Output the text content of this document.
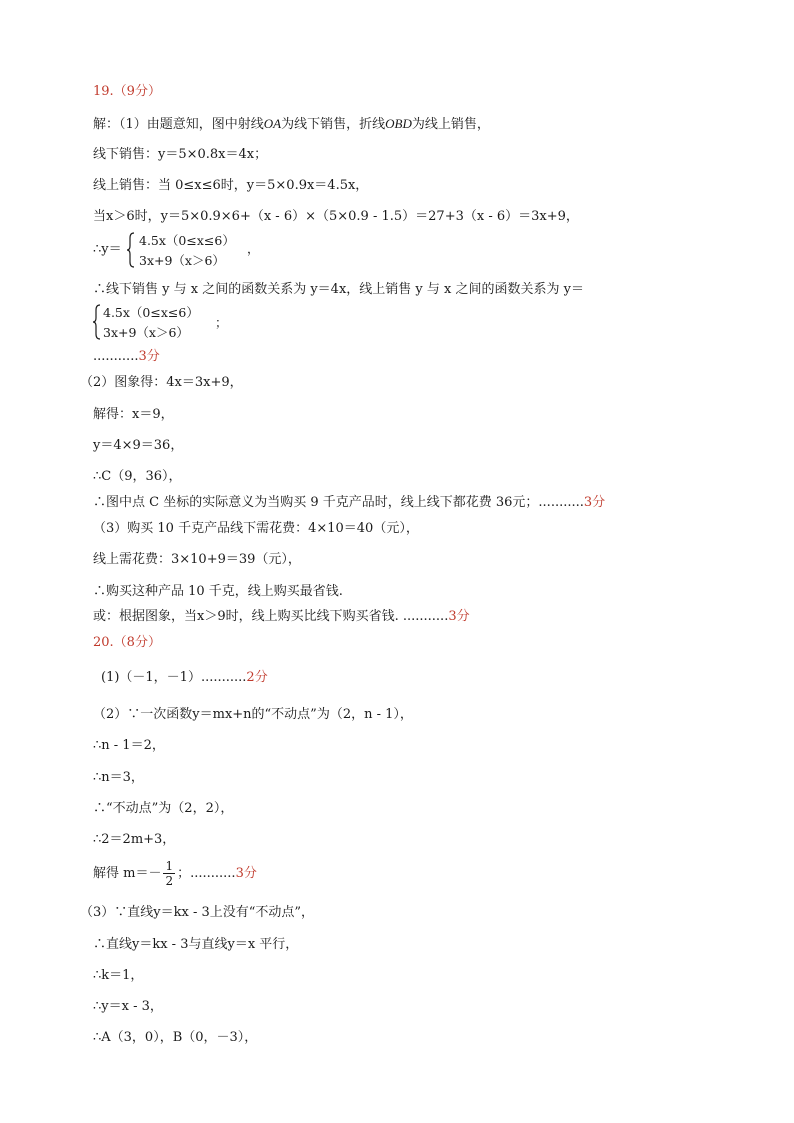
19.（9分）
解：（1）由题意知，图中射线OA为线下销售，折线OBD为线上销售，
线下销售：y＝5×0.8x＝4x；
线上销售：当 0≤x≤6时，y＝5×0.9x＝4.5x，
当x＞6时，y＝5×0.9×6+（x - 6）×（5×0.9 - 1.5）＝27+3（x - 6）＝3x+9，
∴y＝
4.5x（0≤x≤6）
3x+9（x＞6）
，
∴线下销售 y 与 x 之间的函数关系为 y＝4x，线上销售 y 与 x 之间的函数关系为 y＝
4.5x（0≤x≤6）
3x+9（x＞6）
；
...........3分
（2）图象得：4x＝3x+9，
解得：x＝9，
y＝4×9＝36，
∴C（9，36），
∴图中点 C 坐标的实际意义为当购买 9 千克产品时，线上线下都花费 36元；...........3分
（3）购买 10 千克产品线下需花费：4×10＝40（元），
线上需花费：3×10+9＝39（元），
∴购买这种产品 10 千克，线上购买最省钱.
或：根据图象，当x＞9时，线上购买比线下购买省钱. ...........3分
20.（8分）
(1)（－1，－1）...........2分
（2）∵一次函数y＝mx+n的“不动点”为（2，n - 1），
∴n - 1＝2，
∴n＝3，
∴“不动点”为（2，2），
∴2＝2m+3，
解得 $m=- \frac{1}{2}$ ；...........3分
（3）∵直线y＝kx - 3上没有“不动点”，
∴直线y＝kx - 3与直线y＝x 平行，
∴k＝1，
∴y＝x - 3，
∴A（3，0），B（0，－3），
